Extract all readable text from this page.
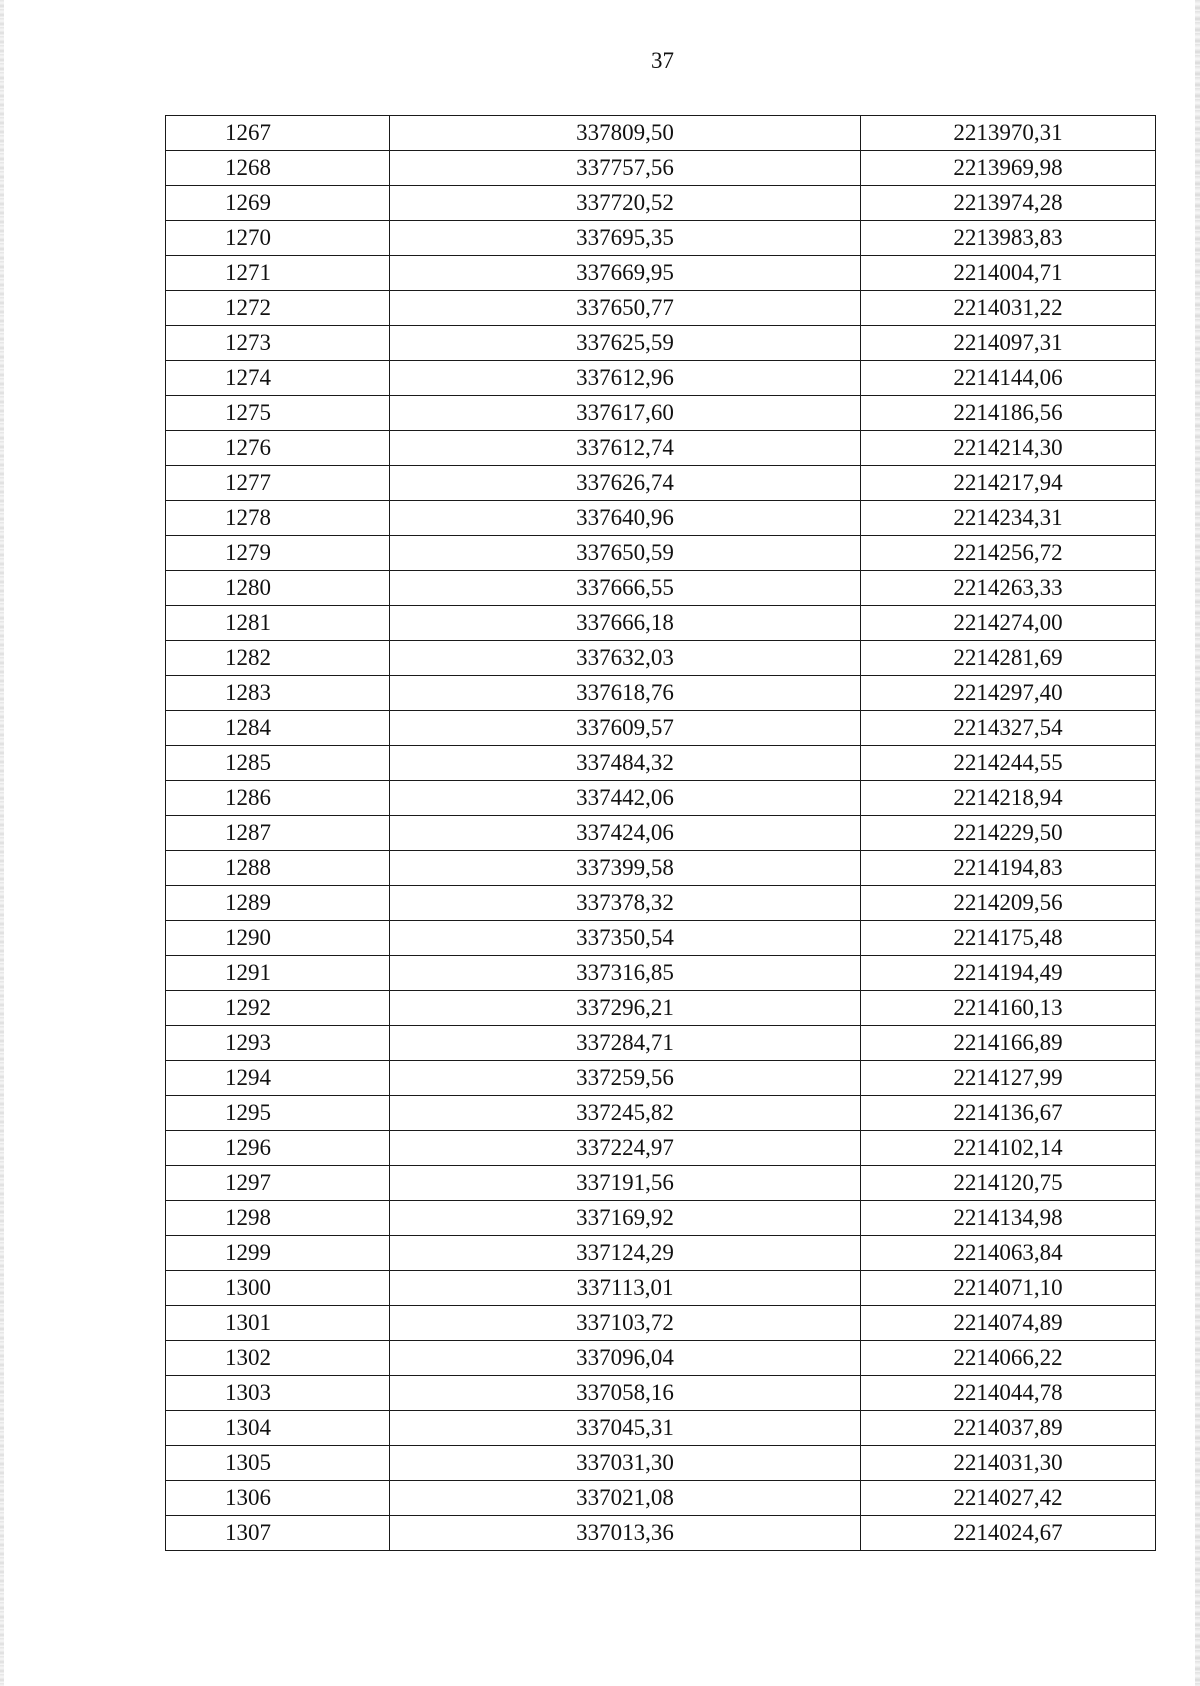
37
1267	337809,50	2213970,31
1268	337757,56	2213969,98
1269	337720,52	2213974,28
1270	337695,35	2213983,83
1271	337669,95	2214004,71
1272	337650,77	2214031,22
1273	337625,59	2214097,31
1274	337612,96	2214144,06
1275	337617,60	2214186,56
1276	337612,74	2214214,30
1277	337626,74	2214217,94
1278	337640,96	2214234,31
1279	337650,59	2214256,72
1280	337666,55	2214263,33
1281	337666,18	2214274,00
1282	337632,03	2214281,69
1283	337618,76	2214297,40
1284	337609,57	2214327,54
1285	337484,32	2214244,55
1286	337442,06	2214218,94
1287	337424,06	2214229,50
1288	337399,58	2214194,83
1289	337378,32	2214209,56
1290	337350,54	2214175,48
1291	337316,85	2214194,49
1292	337296,21	2214160,13
1293	337284,71	2214166,89
1294	337259,56	2214127,99
1295	337245,82	2214136,67
1296	337224,97	2214102,14
1297	337191,56	2214120,75
1298	337169,92	2214134,98
1299	337124,29	2214063,84
1300	337113,01	2214071,10
1301	337103,72	2214074,89
1302	337096,04	2214066,22
1303	337058,16	2214044,78
1304	337045,31	2214037,89
1305	337031,30	2214031,30
1306	337021,08	2214027,42
1307	337013,36	2214024,67
